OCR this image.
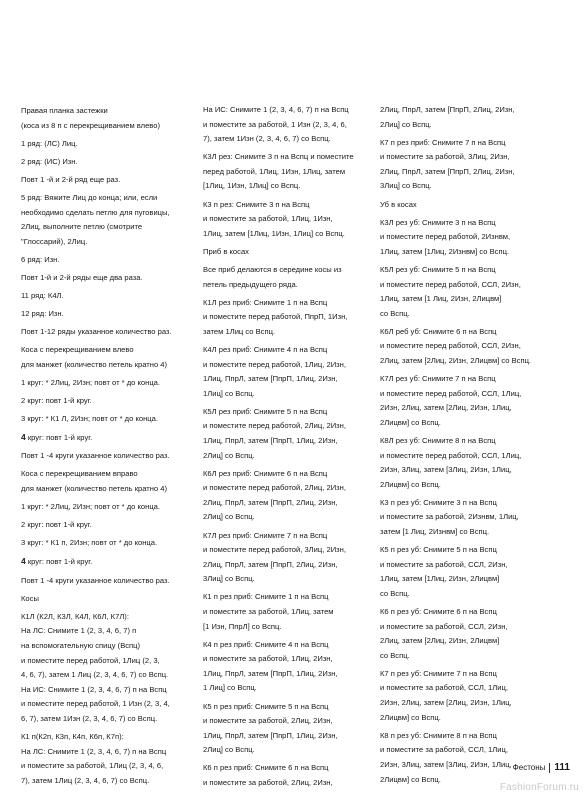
Правая планка застежки
(коса из 8 п с перекрещиванием влево)
1 ряд: (ЛС) Лиц.
2 ряд: (ИС) Изн.
Повт 1 -й и 2-й ряд еще раз.
5 ряд: Вяжите Лиц до конца; или, если
необходимо сделать петлю для пуговицы,
2Лиц, выполните петлю (смотрите
"Глоссарий), 2Лиц.
6 ряд: Изн.
Повт 1-й и 2-й ряды еще два раза.
11 ряд: К4Л.
12 ряд: Изн.
Повт 1-12 ряды указанное количество раз.
Коса с перекрещиванием влево
для манжет (количество петель кратно 4)
1 круг: * 2Лиц, 2Изн; повт от * до конца.
2 круг: повт 1-й круг.
3 круг: * К1 Л, 2Изн; повт от * до конца.
4 круг: повт 1-й круг.
Повт 1 -4 круги указанное количество раз.
Коса с перекрещиванием вправо
для манжет (количество петель кратно 4)
1 круг: * 2Лиц, 2Изн; повт от * до конца.
2 круг: повт 1-й круг.
3 круг: * К1 п, 2Изн; повт от * до конца.
4 круг: повт 1-й круг.
Повт 1 -4 круги указанное количество раз.
Косы
К1Л (К2Л, К3Л, К4Л, К6Л, К7Л):
На ЛС: Снимите 1 (2, 3, 4, 6, 7) п
на вспомогательную спицу (Вспц)
и поместите перед работой, 1Лиц (2, 3,
4, 6, 7), затем 1 Лиц (2, 3, 4, 6, 7) со Вспц.
На ИС: Снимите 1 (2, 3, 4, 6, 7) п на Вспц
и поместите перед работой, 1 Изн (2, 3, 4,
6, 7), затем 1Изн (2, 3, 4, 6, 7) со Вспц.
К1 п(К2п, К3п, К4п, К6п, К7п):
На ЛС: Снимите 1 (2, 3, 4, 6, 7) п на Вспц
и поместите за работой, 1Лиц (2, 3, 4, 6,
7), затем 1Лиц (2, 3, 4, 6, 7) со Вспц.
На ИС: Снимите 1 (2, 3, 4, 6, 7) п на Вспц
и поместите за работой, 1 Изн (2, 3, 4, 6,
7), затем 1Изн (2, 3, 4, 6, 7) со Вспц.
К3Л рез: Снимите 3 п на Вспц и поместите
перед работой, 1Лиц, 1Изн, 1Лиц, затем
[1Лиц, 1Изн, 1Лиц] со Вспц.
К3 п рез: Снимите 3 п на Вспц
и поместите за работой, 1Лиц, 1Изн,
1Лиц, затем [1Лиц, 1Изн, 1Лиц] со Вспц.
Приб в косах
Все приб делаются в середине косы из
петель предыдущего ряда.
К1Л рез приб: Снимите 1 п на Вспц
и поместите перед работой, ПпрП, 1Изн,
затем 1Лиц со Вспц.
К4Л рез приб: Снимите 4 п на Вспц
и поместите перед работой, 1Лиц, 2Изн,
1Лиц, ПпрЛ, затем [ПпрП, 1Лиц, 2Изн,
1Лиц] со Вспц.
К5Л рез приб: Снимите 5 п на Вспц
и поместите перед работой, 2Лиц, 2Изн,
1Лиц, ПпрЛ, затем [ПпрП, 1Лиц, 2Изн,
2Лиц] со Вспц.
К6Л рез приб: Снимите 6 п на Вспц
и поместите перед работой, 2Лиц, 2Изн,
2Лиц, ПпрЛ, затем [ПпрП, 2Лиц, 2Изн,
2Лиц] со Вспц.
К7Л рез приб: Снимите 7 п на Вспц
и поместите перед работой, 3Лиц, 2Изн,
2Лиц, ПпрЛ, затем [ПпрП, 2Лиц, 2Изн,
3Лиц] со Вспц.
К1 п рез приб: Снимите 1 п на Вспц
и поместите за работой, 1Лиц, затем
[1 Изн, ПпрЛ] со Вспц.
К4 п рез приб: Снимите 4 п на Вспц
и поместите за работой, 1Лиц, 2Изн,
1Лиц, ПпрЛ, затем [ПпрП, 1Лиц, 2Изн,
1 Лиц] со Вспц.
К5 п рез приб: Снимите 5 п на Вспц
и поместите за работой, 2Лиц, 2Изн,
1Лиц, ПпрЛ, затем [ПпрП, 1Лиц, 2Изн,
2Лиц] со Вспц.
К6 п рез приб: Снимите 6 п на Вспц
и поместите за работой, 2Лиц, 2Изн,
2Лиц, ПпрЛ, затем [ПпрП, 2Лиц, 2Изн,
2Лиц] со Вспц.
К7 п рез приб: Снимите 7 п на Вспц
и поместите за работой, 3Лиц, 2Изн,
2Лиц, ПпрЛ, затем [ПпрП, 2Лиц, 2Изн,
3Лиц] со Вспц.
Уб в косах
К3Л рез уб: Снимите 3 п на Вспц
и поместите перед работой, 2Изнвм,
1Лиц, затем [1Лиц, 2Изнвм] со Вспц.
К5Л рез уб: Снимите 5 п на Вспц
и поместите перед работой, ССЛ, 2Изн,
1Лиц, затем [1 Лиц, 2Изн, 2Лицвм]
со Вспц.
К6Л реб уб: Снимите 6 п на Вспц
и поместите перед работой, ССЛ, 2Изн,
2Лиц, затем [2Лиц, 2Изн, 2Лицвм] со Вспц.
К7Л рез уб: Снимите 7 п на Вспц
и поместите перед работой, ССЛ, 1Лиц,
2Изн, 2Лиц, затем [2Лиц, 2Изн, 1Лиц,
2Лицвм] со Вспц.
К8Л рез уб: Снимите 8 п на Вспц
и поместите перед работой, ССЛ, 1Лиц,
2Изн, 3Лиц, затем [3Лиц, 2Изн, 1Лиц,
2Лицвм] со Вспц.
К3 п рез уб: Снимите 3 п на Вспц
и поместите за работой, 2Изнвм, 1Лиц,
затем [1 Лиц, 2Изнвм] со Вспц.
К5 п рез уб: Снимите 5 п на Вспц
и поместите за работой, ССЛ, 2Изн,
1Лиц, затем [1Лиц, 2Изн, 2Лицвм]
со Вспц.
К6 п рез уб: Снимите 6 п на Вспц
и поместите за работой, ССЛ, 2Изн,
2Лиц, затем [2Лиц, 2Изн, 2Лицвм]
со Вспц.
К7 п рез уб: Снимите 7 п на Вспц
и поместите за работой, ССЛ, 1Лиц,
2Изн, 2Лиц, затем [2Лиц, 2Изн, 1Лиц,
2Лицвм] со Вспц.
К8 п рез уб: Снимите 8 п на Вспц
и поместите за работой, ССЛ, 1Лиц,
2Изн, 3Лиц, затем [3Лиц, 2Изн, 1Лиц,
2Лицвм] со Вспц.
Фестоны 111
FashionForum.ru
